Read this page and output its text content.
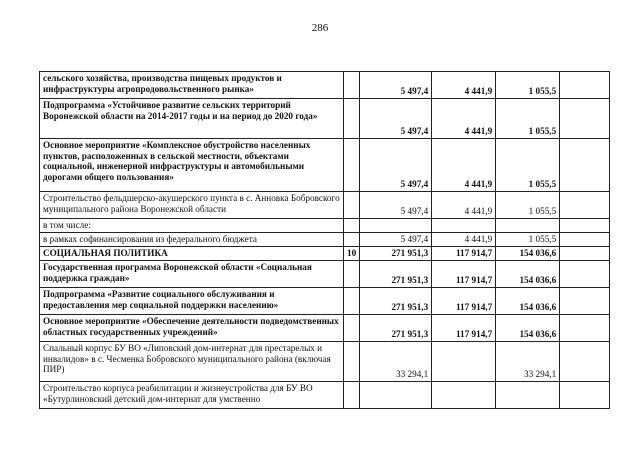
286
сельского хозяйства, производства пищевых продуктов и инфраструктуры агропродовольственного рынка»		5 497,4	4 441,9	1 055,5	
Подпрограмма «Устойчивое развитие сельских территорий Воронежской области на 2014-2017 годы и на период до 2020 года»		5 497,4	4 441,9	1 055,5	
Основное мероприятие «Комплексное обустройство населенных пунктов, расположенных в сельской местности, объектами социальной, инженерной инфраструктуры и автомобильными дорогами общего пользования»		5 497,4	4 441,9	1 055,5	
Строительство фельдшерско-акушерского пункта в с. Анновка Бобровского муниципального района Воронежской области		5 497,4	4 441,9	1 055,5	
в том числе:					
в рамках софинансирования из федерального бюджета		5 497,4	4 441,9	1 055,5	
СОЦИАЛЬНАЯ ПОЛИТИКА	10	271 951,3	117 914,7	154 036,6	
Государственная программа Воронежской области «Социальная поддержка граждан»		271 951,3	117 914,7	154 036,6	
Подпрограмма «Развитие социального обслуживания и предоставления мер социальной поддержки населению»		271 951,3	117 914,7	154 036,6	
Основное мероприятие «Обеспечение деятельности подведомственных областных государственных учреждений»		271 951,3	117 914,7	154 036,6	
Спальный корпус БУ ВО «Липовский дом-интернат для престарелых и инвалидов» в с. Чесменка Бобровского муниципального района (включая ПИР)		33 294,1		33 294,1	
Строительство корпуса реабилитации и жизнеустройства для БУ ВО «Бутурлиновский детский дом-интернат для умственно					
